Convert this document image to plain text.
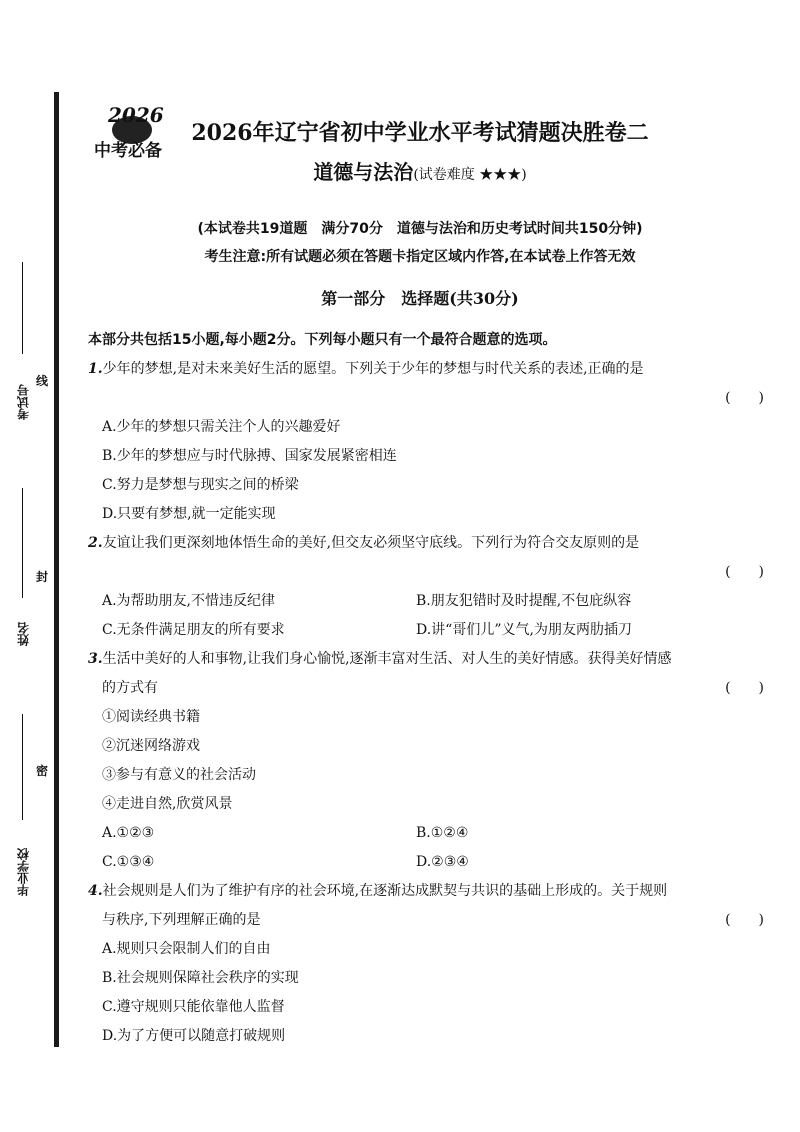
考试号
姓名
毕业学校
线
封
密
2026
中考必备
2026年辽宁省初中学业水平考试猜题决胜卷二
道德与法治(试卷难度 ★★★)
(本试卷共19道题　满分70分　道德与法治和历史考试时间共150分钟)
考生注意:所有试题必须在答题卡指定区域内作答,在本试卷上作答无效
第一部分　选择题(共30分)
本部分共包括15小题,每小题2分。下列每小题只有一个最符合题意的选项。
1.少年的梦想,是对未来美好生活的愿望。下列关于少年的梦想与时代关系的表述,正确的是
(　　)
A.少年的梦想只需关注个人的兴趣爱好
B.少年的梦想应与时代脉搏、国家发展紧密相连
C.努力是梦想与现实之间的桥梁
D.只要有梦想,就一定能实现
2.友谊让我们更深刻地体悟生命的美好,但交友必须坚守底线。下列行为符合交友原则的是
(　　)
A.为帮助朋友,不惜违反纪律	B.朋友犯错时及时提醒,不包庇纵容
C.无条件满足朋友的所有要求	D.讲“哥们儿”义气,为朋友两肋插刀
3.生活中美好的人和事物,让我们身心愉悦,逐渐丰富对生活、对人生的美好情感。获得美好情感
的方式有	(　　)
①阅读经典书籍
②沉迷网络游戏
③参与有意义的社会活动
④走进自然,欣赏风景
A.①②③	B.①②④
C.①③④	D.②③④
4.社会规则是人们为了维护有序的社会环境,在逐渐达成默契与共识的基础上形成的。关于规则
与秩序,下列理解正确的是	(　　)
A.规则只会限制人们的自由
B.社会规则保障社会秩序的实现
C.遵守规则只能依靠他人监督
D.为了方便可以随意打破规则
